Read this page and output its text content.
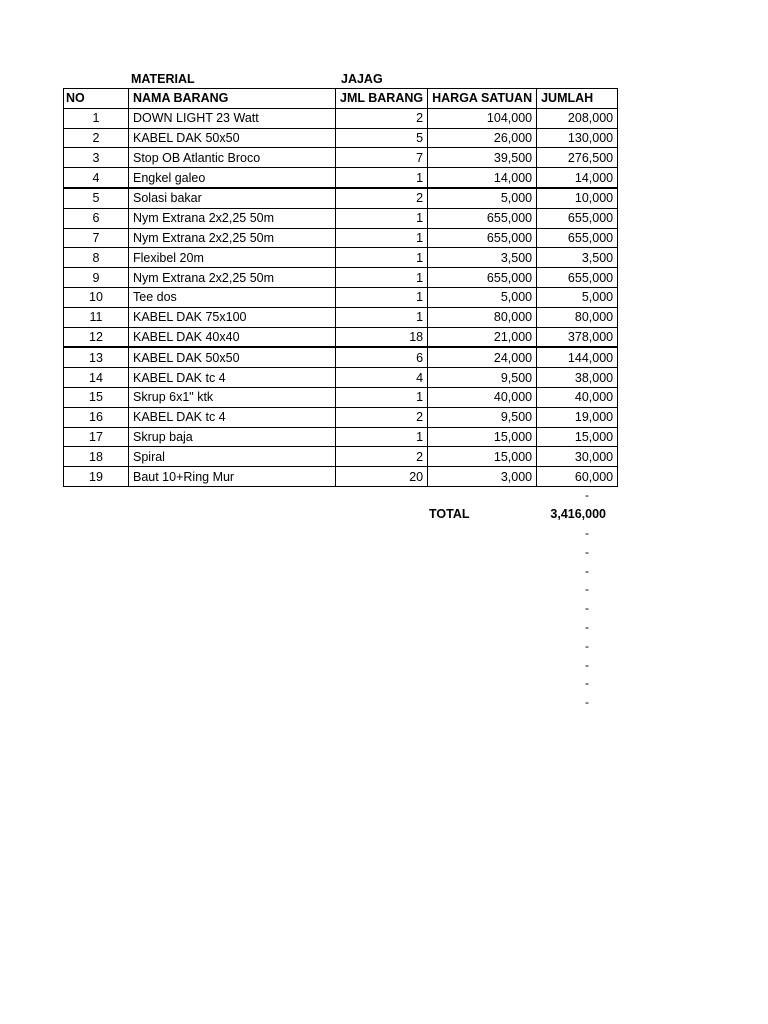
MATERIAL	JAJAG
NO	NAMA BARANG	JML BARANG	HARGA SATUAN	JUMLAH
1	DOWN LIGHT 23 Watt	2	104,000	208,000
2	KABEL DAK 50x50	5	26,000	130,000
3	Stop OB Atlantic Broco	7	39,500	276,500
4	Engkel galeo	1	14,000	14,000
5	Solasi bakar	2	5,000	10,000
6	Nym Extrana 2x2,25 50m	1	655,000	655,000
7	Nym Extrana 2x2,25 50m	1	655,000	655,000
8	Flexibel 20m	1	3,500	3,500
9	Nym Extrana 2x2,25 50m	1	655,000	655,000
10	Tee dos	1	5,000	5,000
11	KABEL DAK 75x100	1	80,000	80,000
12	KABEL DAK 40x40	18	21,000	378,000
13	KABEL DAK 50x50	6	24,000	144,000
14	KABEL DAK tc 4	4	9,500	38,000
15	Skrup 6x1" ktk	1	40,000	40,000
16	KABEL DAK tc 4	2	9,500	19,000
17	Skrup baja	1	15,000	15,000
18	Spiral	2	15,000	30,000
19	Baut 10+Ring Mur	20	3,000	60,000
-
TOTAL	3,416,000
-
-
-
-
-
-
-
-
-
-
